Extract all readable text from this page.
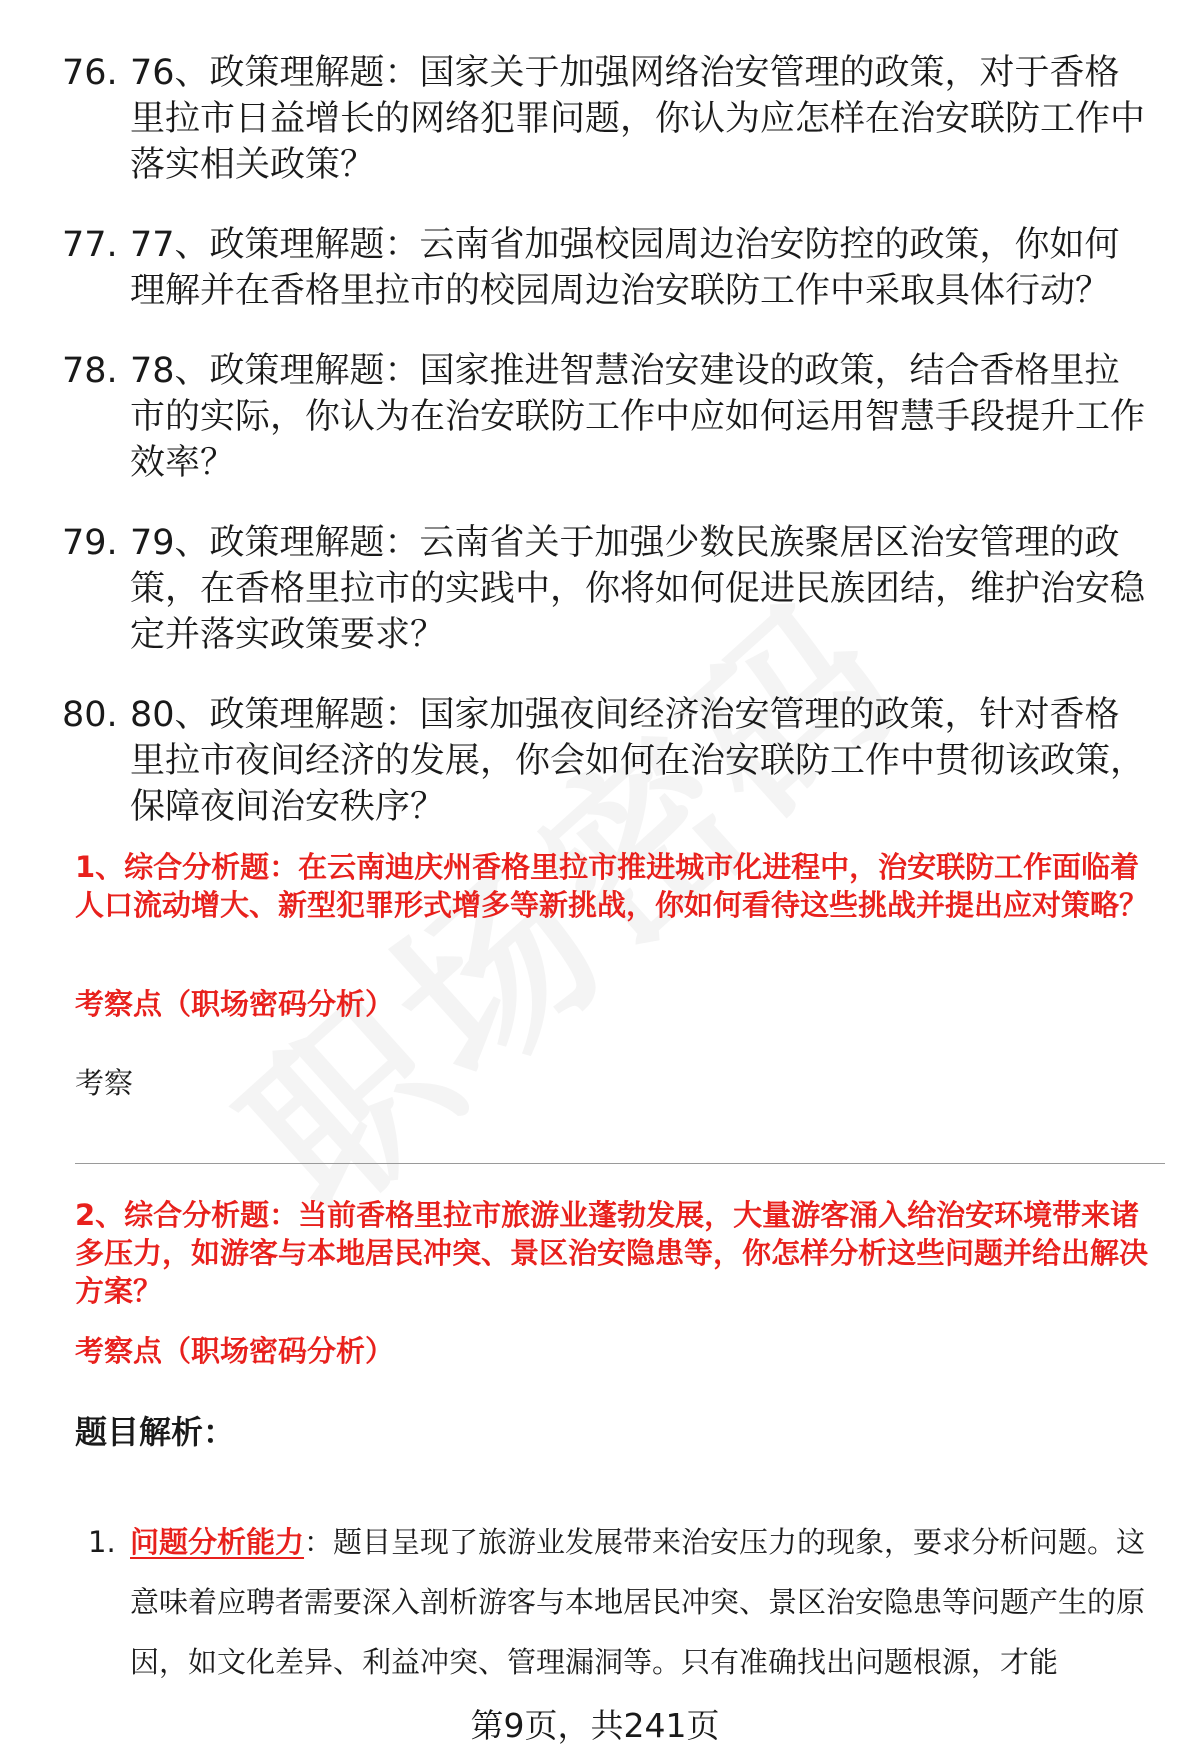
76. 76、政策理解题：国家关于加强网络治安管理的政策，对于香格里拉市日益增长的网络犯罪问题，你认为应怎样在治安联防工作中落实相关政策？
77. 77、政策理解题：云南省加强校园周边治安防控的政策，你如何理解并在香格里拉市的校园周边治安联防工作中采取具体行动？
78. 78、政策理解题：国家推进智慧治安建设的政策，结合香格里拉市的实际，你认为在治安联防工作中应如何运用智慧手段提升工作效率？
79. 79、政策理解题：云南省关于加强少数民族聚居区治安管理的政策，在香格里拉市的实践中，你将如何促进民族团结，维护治安稳定并落实政策要求？
80. 80、政策理解题：国家加强夜间经济治安管理的政策，针对香格里拉市夜间经济的发展，你会如何在治安联防工作中贯彻该政策，保障夜间治安秩序？
1、综合分析题：在云南迪庆州香格里拉市推进城市化进程中，治安联防工作面临着人口流动增大、新型犯罪形式增多等新挑战，你如何看待这些挑战并提出应对策略？
考察点（职场密码分析）
考察
2、综合分析题：当前香格里拉市旅游业蓬勃发展，大量游客涌入给治安环境带来诸多压力，如游客与本地居民冲突、景区治安隐患等，你怎样分析这些问题并给出解决方案？
考察点（职场密码分析）
题目解析：
1. 问题分析能力：题目呈现了旅游业发展带来治安压力的现象，要求分析问题。这意味着应聘者需要深入剖析游客与本地居民冲突、景区治安隐患等问题产生的原因，如文化差异、利益冲突、管理漏洞等。只有准确找出问题根源，才能
第9页，共241页
